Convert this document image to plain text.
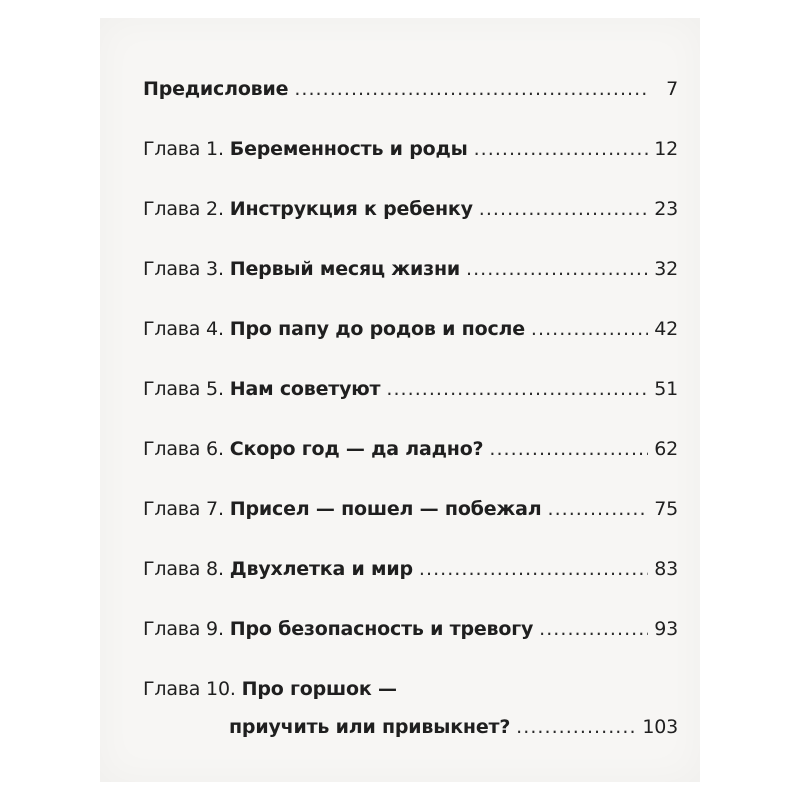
Предисловие . . .	7
Глава 1. Беременность и роды . . .	12
Глава 2. Инструкция к ребенку . . .	23
Глава 3. Первый месяц жизни . . .	32
Глава 4. Про папу до родов и после . . .	42
Глава 5. Нам советуют . . .	51
Глава 6. Скоро год — да ладно? . . .	62
Глава 7. Присел — пошел — побежал . . .	75
Глава 8. Двухлетка и мир . . .	83
Глава 9. Про безопасность и тревогу . . .	93
Глава 10. Про горшок —
приучить или привыкнет? . . .	103
